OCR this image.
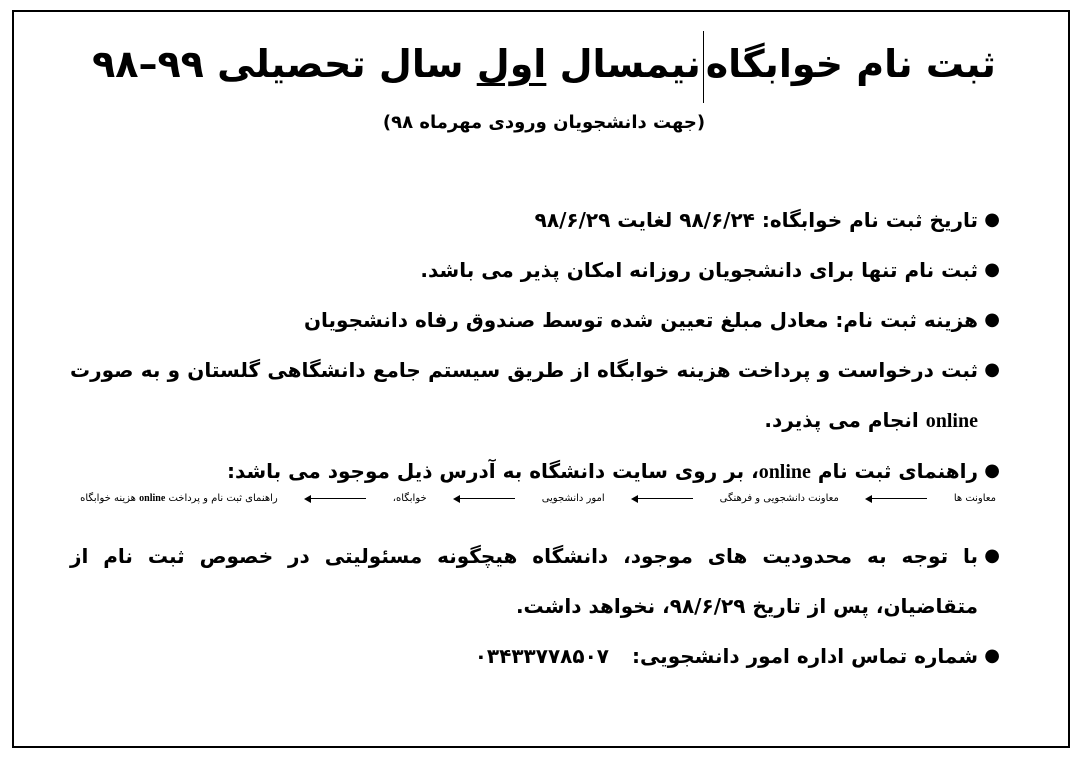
ثبت نام خوابگاهنیمسال اول سال تحصیلی ۹۹–۹۸
(جهت دانشجویان ورودی مهرماه ۹۸)
●
تاریخ ثبت نام خوابگاه: ۹۸/۶/۲۴ لغایت ۹۸/۶/۲۹
●
ثبت نام تنها برای دانشجویان روزانه امکان پذیر می باشد.
●
هزینه ثبت نام: معادل مبلغ تعیین شده توسط صندوق رفاه دانشجویان
●
ثبت درخواست و پرداخت هزینه خوابگاه از طریق سیستم جامع دانشگاهی گلستان و به صورت online انجام می پذیرد.
●
راهنمای ثبت نام online، بر روی سایت دانشگاه به آدرس ذیل موجود می باشد:
●
با توجه به محدودیت های موجود، دانشگاه هیچگونه مسئولیتی در خصوص ثبت نام از متقاضیان، پس از تاریخ ۹۸/۶/۲۹، نخواهد داشت.
●
شماره تماس اداره امور دانشجویی: ۰۳۴۳۳۷۷۸۵۰۷
معاونت ها
معاونت دانشجویی و فرهنگی
امور دانشجویی
خوابگاه،
راهنمای ثبت نام و پرداخت online هزینه خوابگاه
